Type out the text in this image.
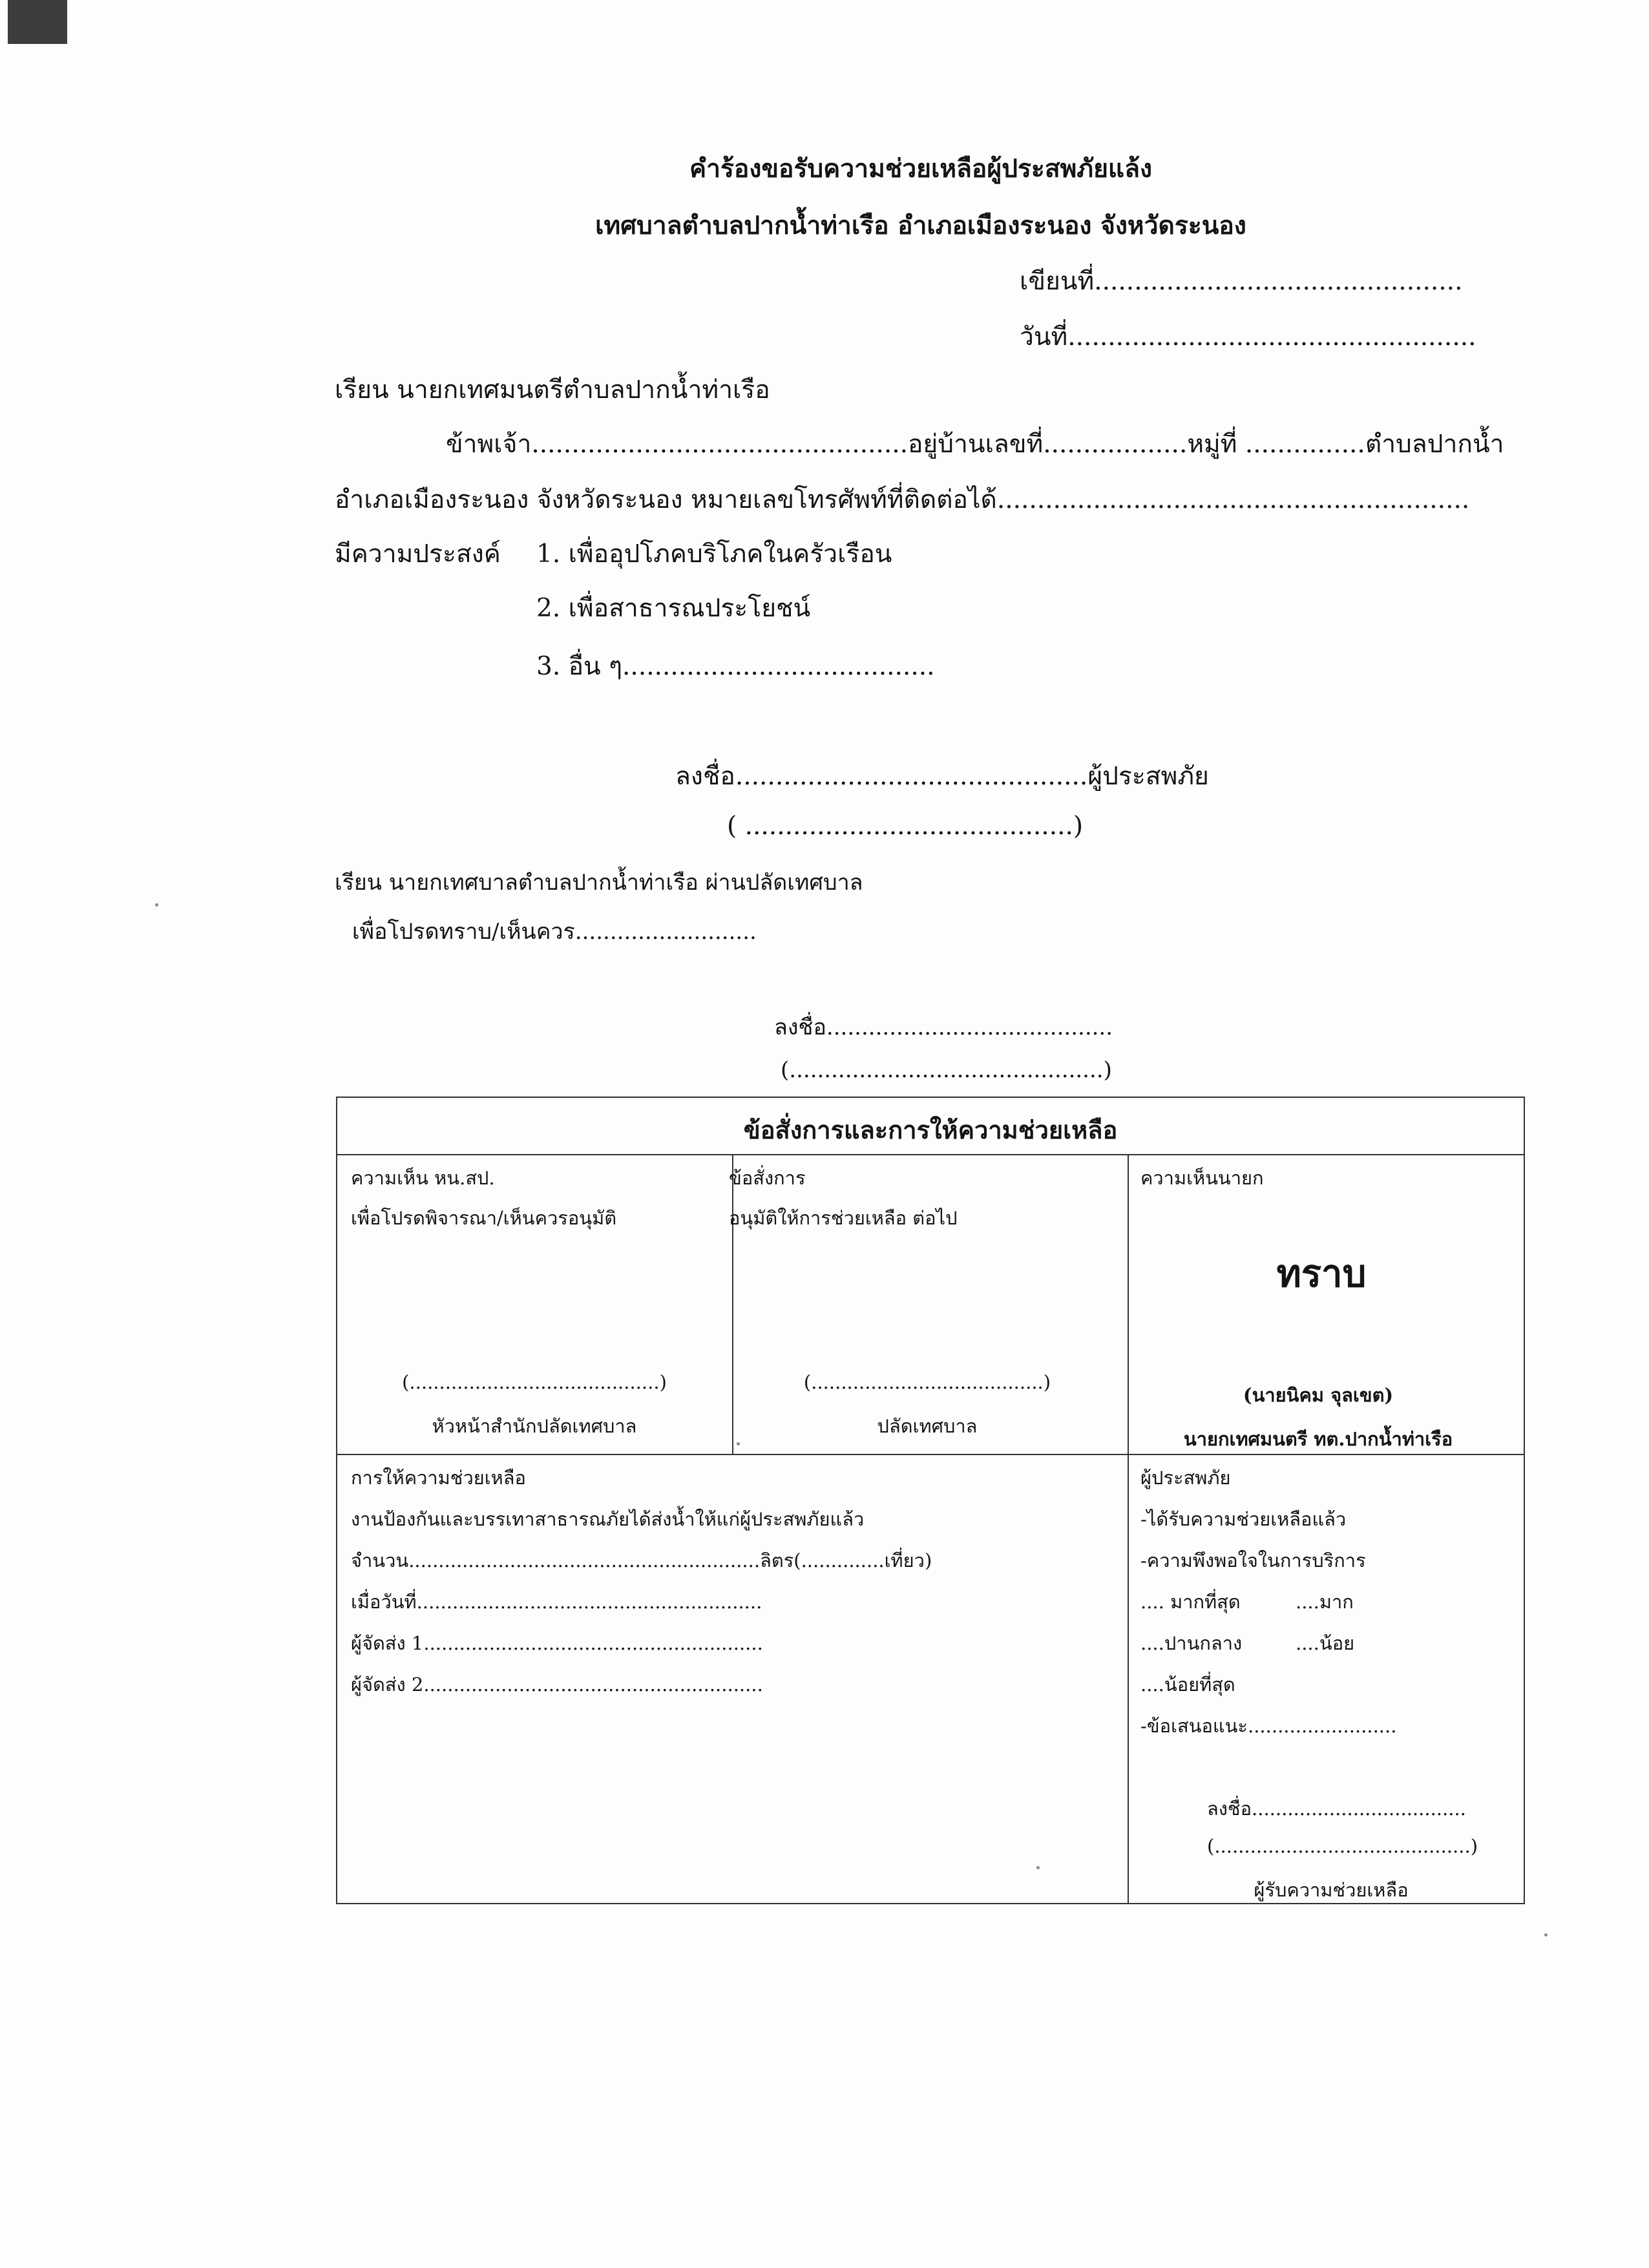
คำร้องขอรับความช่วยเหลือผู้ประสพภัยแล้ง
เทศบาลตำบลปากน้ำท่าเรือ อำเภอเมืองระนอง จังหวัดระนอง
เขียนที่..............................................
วันที่...................................................
เรียน นายกเทศมนตรีตำบลปากน้ำท่าเรือ
ข้าพเจ้า...............................................อยู่บ้านเลขที่..................หมู่ที่ ...............ตำบลปากน้ำ
อำเภอเมืองระนอง จังหวัดระนอง หมายเลขโทรศัพท์ที่ติดต่อได้...........................................................
มีความประสงค์ 1. เพื่ออุปโภคบริโภคในครัวเรือน
2. เพื่อสาธารณประโยชน์
3. อื่น ๆ.......................................
ลงชื่อ............................................ผู้ประสพภัย
( .........................................)
เรียน นายกเทศบาลตำบลปากน้ำท่าเรือ ผ่านปลัดเทศบาล
เพื่อโปรดทราบ/เห็นควร..........................
ลงชื่อ.........................................
(.............................................)
ข้อสั่งการและการให้ความช่วยเหลือ
ความเห็น หน.สป.
เพื่อโปรดพิจารณา/เห็นควรอนุมัติ
(..........................................)
หัวหน้าสำนักปลัดเทศบาล
ข้อสั่งการ
อนุมัติให้การช่วยเหลือ ต่อไป
(.......................................)
ปลัดเทศบาล
ความเห็นนายก
ทราบ
(นายนิคม จุลเขต)
นายกเทศมนตรี ทต.ปากน้ำท่าเรือ
การให้ความช่วยเหลือ
งานป้องกันและบรรเทาสาธารณภัยได้ส่งน้ำให้แก่ผู้ประสพภัยแล้ว
จำนวน...........................................................ลิตร(..............เที่ยว)
เมื่อวันที่..........................................................
ผู้จัดส่ง 1.........................................................
ผู้จัดส่ง 2.........................................................
ผู้ประสพภัย
-ได้รับความช่วยเหลือแล้ว
-ความพึงพอใจในการบริการ
.... มากที่สุด	....มาก
....ปานกลาง	....น้อย
....น้อยที่สุด
-ข้อเสนอแนะ.........................
ลงชื่อ....................................
(...........................................)
ผู้รับความช่วยเหลือ
